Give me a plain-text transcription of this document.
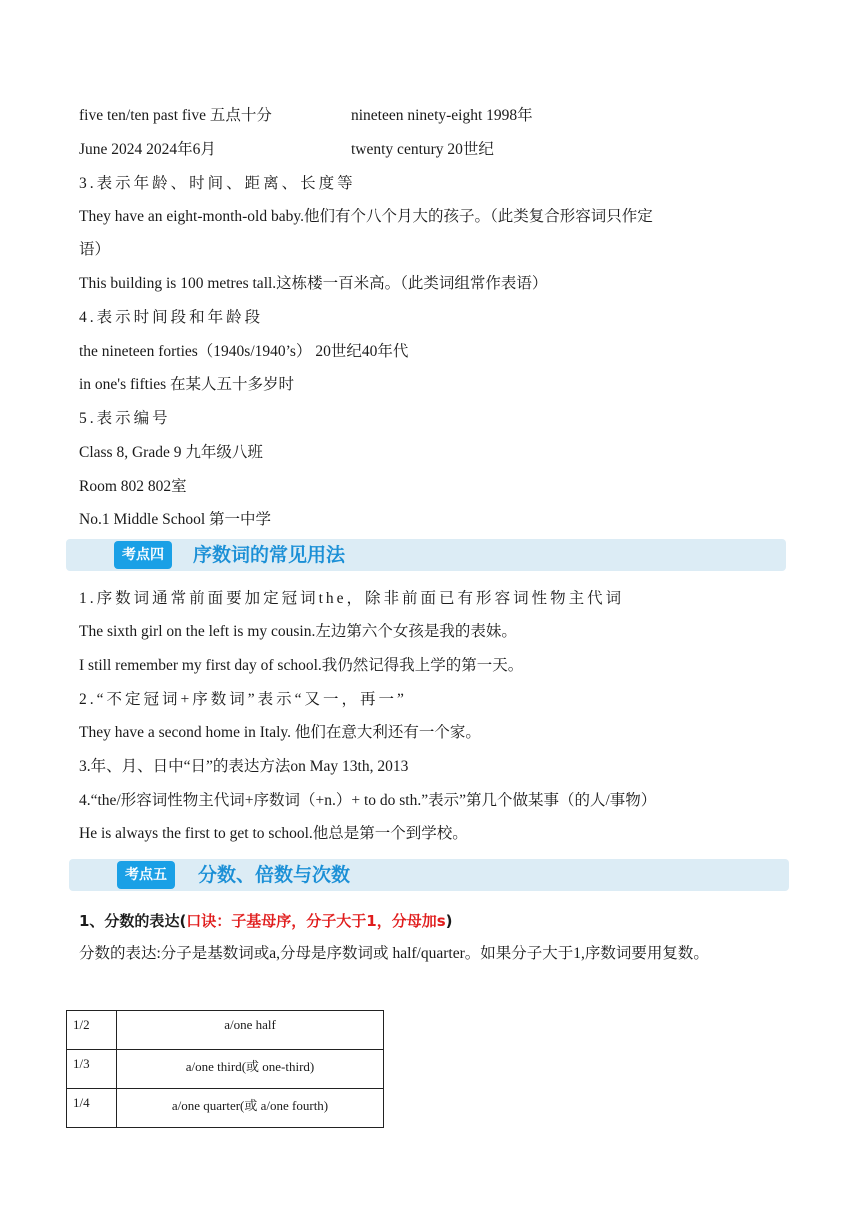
five ten/ten past five 五点十分	nineteen ninety-eight 1998年
June 2024 2024年6月	twenty century 20世纪
3.表示年龄、时间、距离、长度等
They have an eight-month-old baby.他们有个八个月大的孩子。（此类复合形容词只作定
语）
This building is 100 metres tall.这栋楼一百米高。（此类词组常作表语）
4.表示时间段和年龄段
the nineteen forties（1940s/1940’s） 20世纪40年代
in one's fifties 在某人五十多岁时
5.表示编号
Class 8, Grade 9 九年级八班
Room 802 802室
No.1 Middle School 第一中学
考点四	序数词的常见用法
1.序数词通常前面要加定冠词the，除非前面已有形容词性物主代词
The sixth girl on the left is my cousin.左边第六个女孩是我的表妹。
I still remember my first day of school.我仍然记得我上学的第一天。
2.“不定冠词+序数词”表示“又一，再一”
They have a second home in Italy. 他们在意大利还有一个家。
3.年、月、日中“日”的表达方法on May 13th, 2013
4.“the/形容词性物主代词+序数词（+n.）+ to do sth.”表示”第几个做某事（的人/事物）
He is always the first to get to school.他总是第一个到学校。
考点五	分数、倍数与次数
1、分数的表达(口诀：子基母序，分子大于1，分母加s)
分数的表达:分子是基数词或a,分母是序数词或 half/quarter。如果分子大于1,序数词要用复数。
1/2	a/one half
1/3	a/one third(或 one-third)
1/4	a/one quarter(或 a/one fourth)
